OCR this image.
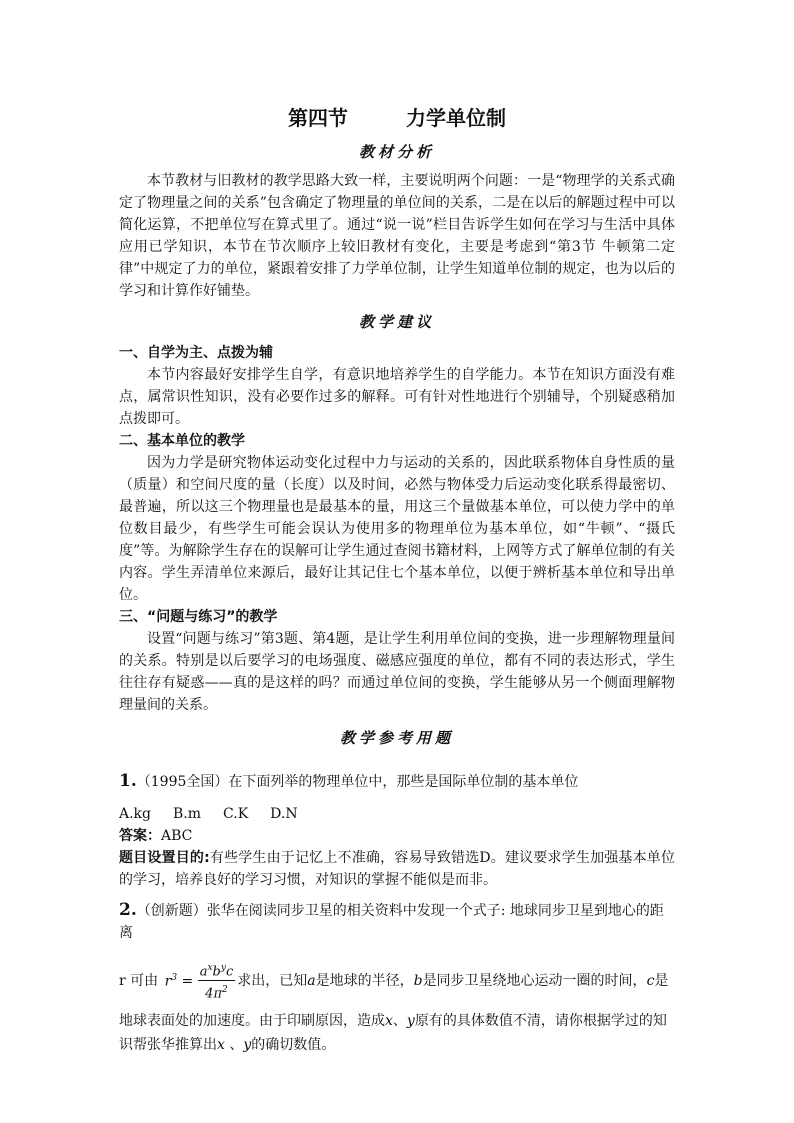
第四节	力学单位制
教材分析

本节教材与旧教材的教学思路大致一样，主要说明两个问题：一是“物理学的关系式确定了物理量之间的关系”包含确定了物理量的单位间的关系，二是在以后的解题过程中可以简化运算，不把单位写在算式里了。通过“说一说”栏目告诉学生如何在学习与生活中具体应用已学知识，本节在节次顺序上较旧教材有变化，主要是考虑到“第3节 牛顿第二定律”中规定了力的单位，紧跟着安排了力学单位制，让学生知道单位制的规定，也为以后的学习和计算作好铺垫。

教学建议
一、自学为主、点拨为辅

本节内容最好安排学生自学，有意识地培养学生的自学能力。本节在知识方面没有难点，属常识性知识，没有必要作过多的解释。可有针对性地进行个别辅导，个别疑惑稍加点拨即可。

二、基本单位的教学

因为力学是研究物体运动变化过程中力与运动的关系的，因此联系物体自身性质的量（质量）和空间尺度的量（长度）以及时间，必然与物体受力后运动变化联系得最密切、最普遍，所以这三个物理量也是最基本的量，用这三个量做基本单位，可以使力学中的单位数目最少，有些学生可能会误认为使用多的物理单位为基本单位，如“牛顿”、“摄氏度”等。为解除学生存在的误解可让学生通过查阅书籍材料，上网等方式了解单位制的有关内容。学生弄清单位来源后，最好让其记住七个基本单位，以便于辨析基本单位和导出单位。

三、“问题与练习”的教学

设置“问题与练习”第3题、第4题，是让学生利用单位间的变换，进一步理解物理量间的关系。特别是以后要学习的电场强度、磁感应强度的单位，都有不同的表达形式，学生往往存有疑惑——真的是这样的吗？而通过单位间的变换，学生能够从另一个侧面理解物理量间的关系。

教学参考用题

1.（1995全国）在下面列举的物理单位中，那些是国际单位制的基本单位

A.kg B.m C.K D.N

答案：ABC

题目设置目的:有些学生由于记忆上不准确，容易导致错选D。建议要求学生加强基本单位的学习，培养良好的学习习惯，对知识的掌握不能似是而非。

2.（创新题）张华在阅读同步卫星的相关资料中发现一个式子: 地球同步卫星到地心的距离

r 可由 $r^3 = \frac{a^xb^yc}{4\pi^2}$ 求出，已知a是地球的半径，b是同步卫星绕地心运动一圈的时间，c是

地球表面处的加速度。由于印刷原因，造成x、y原有的具体数值不清，请你根据学过的知识帮张华推算出x 、y的确切数值。
